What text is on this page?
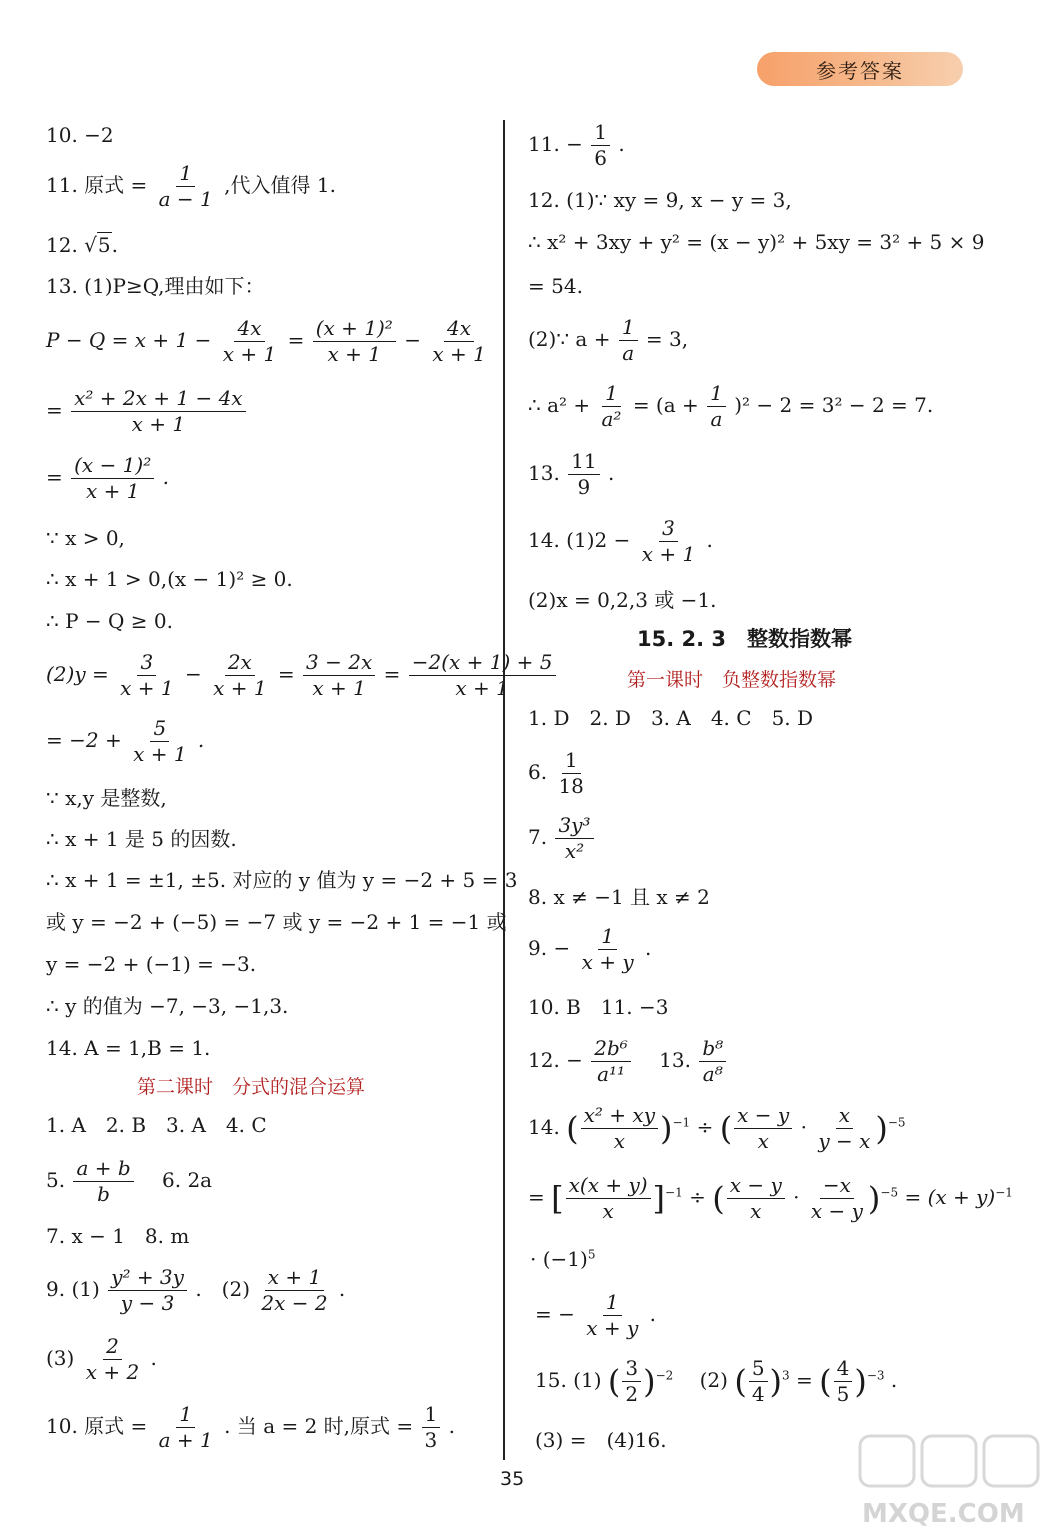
参考答案
10. −2
11. 原式 = $\frac{1}{a - 1}$ ,代入值得 1.
12. √5.
13. (1)P≥Q,理由如下：
$P - Q = x + 1 - \frac{4x}{x + 1} = \frac{\text{(x + 1)²}}{x + 1} - \frac{4x}{x + 1}$
= $\frac{\text{x² + 2x + 1 − 4x}}{x + 1}$
= $\frac{\text{(x − 1)²}}{x + 1}$ .
∵ x > 0,
∴ x + 1 > 0,(x − 1)² ≥ 0.
∴ P − Q ≥ 0.
$(2)y = \frac{3}{x + 1} - \frac{2x}{x + 1} = \frac{3 - 2x}{x + 1} = \frac{-2(x + 1) + 5}{x + 1}$
= $-2 + \frac{5}{x + 1}$ .
∵ x,y 是整数,
∴ x + 1 是 5 的因数.
∴ x + 1 = ±1, ±5. 对应的 y 值为 y = −2 + 5 = 3
或 y = −2 + (−5) = −7 或 y = −2 + 1 = −1 或
y = −2 + (−1) = −3.
∴ y 的值为 −7, −3, −1,3.
14. A = 1,B = 1.
第二课时　分式的混合运算
1. A　2. B　3. A　4. C
5. $\frac{a + b}{b}$ 　6. 2a
7. x − 1　8. m
9. $(1) \frac{\text{y² + 3y}}{y - 3}$ .　$(2) \frac{x + 1}{2x - 2}$ .
$(3) \frac{2}{x + 2}$ .
10. 原式 = $\frac{1}{a + 1}$ . 当 a = 2 时,原式 = $\frac{1}{3}$ .
11. − $\frac{1}{6}$ .
12. (1)∵ xy = 9, x − y = 3,
∴ x² + 3xy + y² = (x − y)² + 5xy = 3² + 5 × 9
= 54.
(2)∵ $a + \frac{1}{a} = 3$,
∴ $a^2 + \frac{1}{\text{a²}} = (a + \frac{1}{a} )^2 - 2 = 3^2 - 2 = 7$.
13. $\frac{11}{9}$ .
14. $(1)2 - \frac{3}{x + 1}$ .
(2)x = 0,2,3 或 −1.
15. 2. 3　整数指数幂
第一课时　负整数指数幂
1. D　2. D　3. A　4. C　5. D
6. $\frac{1}{18}$
7. $\frac{\text{3y³}}{\text{x²}}$
8. x ≠ −1 且 x ≠ 2
9. − $\frac{1}{x + y}$ .
10. B　11. −3
12. − $\frac{\text{2b⁶}}{\text{a¹¹}}$ 　13. $\frac{\text{b⁸}}{\text{a⁸}}$
14. ( $\frac{\text{x² + xy}}{x} )^{-1}$ ÷ ( $\frac{x - y}{x} \cdot \frac{x}{y - x} )^{-5}$
= [ $\frac{x(x + y)}{x} ]^{-1}$ ÷ ( $\frac{x - y}{x} \cdot \frac{-x}{x - y} )^{-5} = (x + y)^{-1}$
· $(-1)^5$
= − $\frac{1}{x + y}$ .
15. (1) ( $\frac{3}{2} )^{-2}$ 　(2) ( $\frac{5}{4} )^3$ = ( $\frac{4}{5} )^{-3}$ .
(3) =　(4)16.
35
MXQE.COM
